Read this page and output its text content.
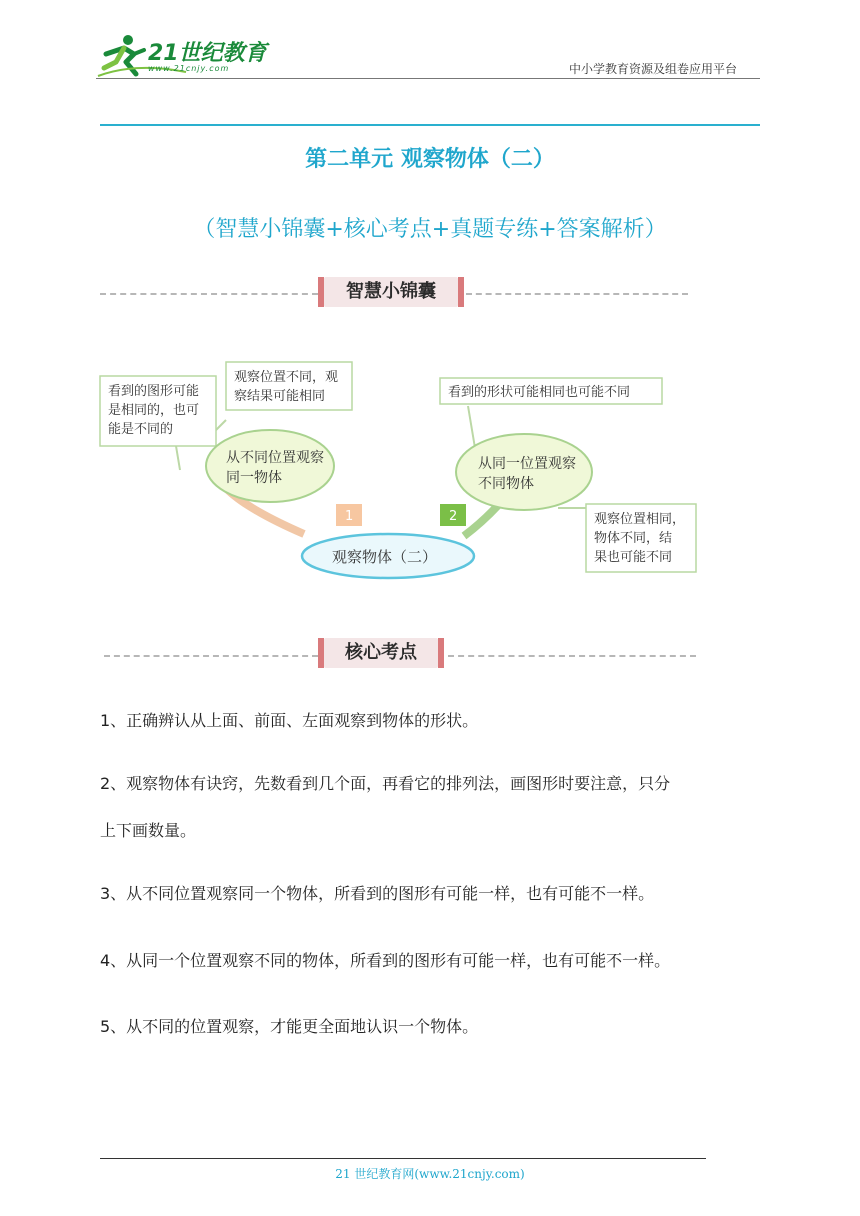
21世纪教育
www.21cnjy.com	中小学教育资源及组卷应用平台
第二单元 观察物体（二）
（智慧小锦囊+核心考点+真题专练+答案解析）
智慧小锦囊
看到的图形可能
是相同的，也可
能是不同的
观察位置不同，观
察结果可能相同
从不同位置观察
同一物体
1
看到的形状可能相同也可能不同
从同一位置观察
不同物体
2	观察位置相同，
物体不同，结
果也可能不同
观察物体（二）
核心考点
1、正确辨认从上面、前面、左面观察到物体的形状。
2、观察物体有诀窍，先数看到几个面，再看它的排列法，画图形时要注意，只分
上下画数量。
3、从不同位置观察同一个物体，所看到的图形有可能一样，也有可能不一样。
4、从同一个位置观察不同的物体，所看到的图形有可能一样，也有可能不一样。
5、从不同的位置观察，才能更全面地认识一个物体。
21 世纪教育网(www.21cnjy.com)
